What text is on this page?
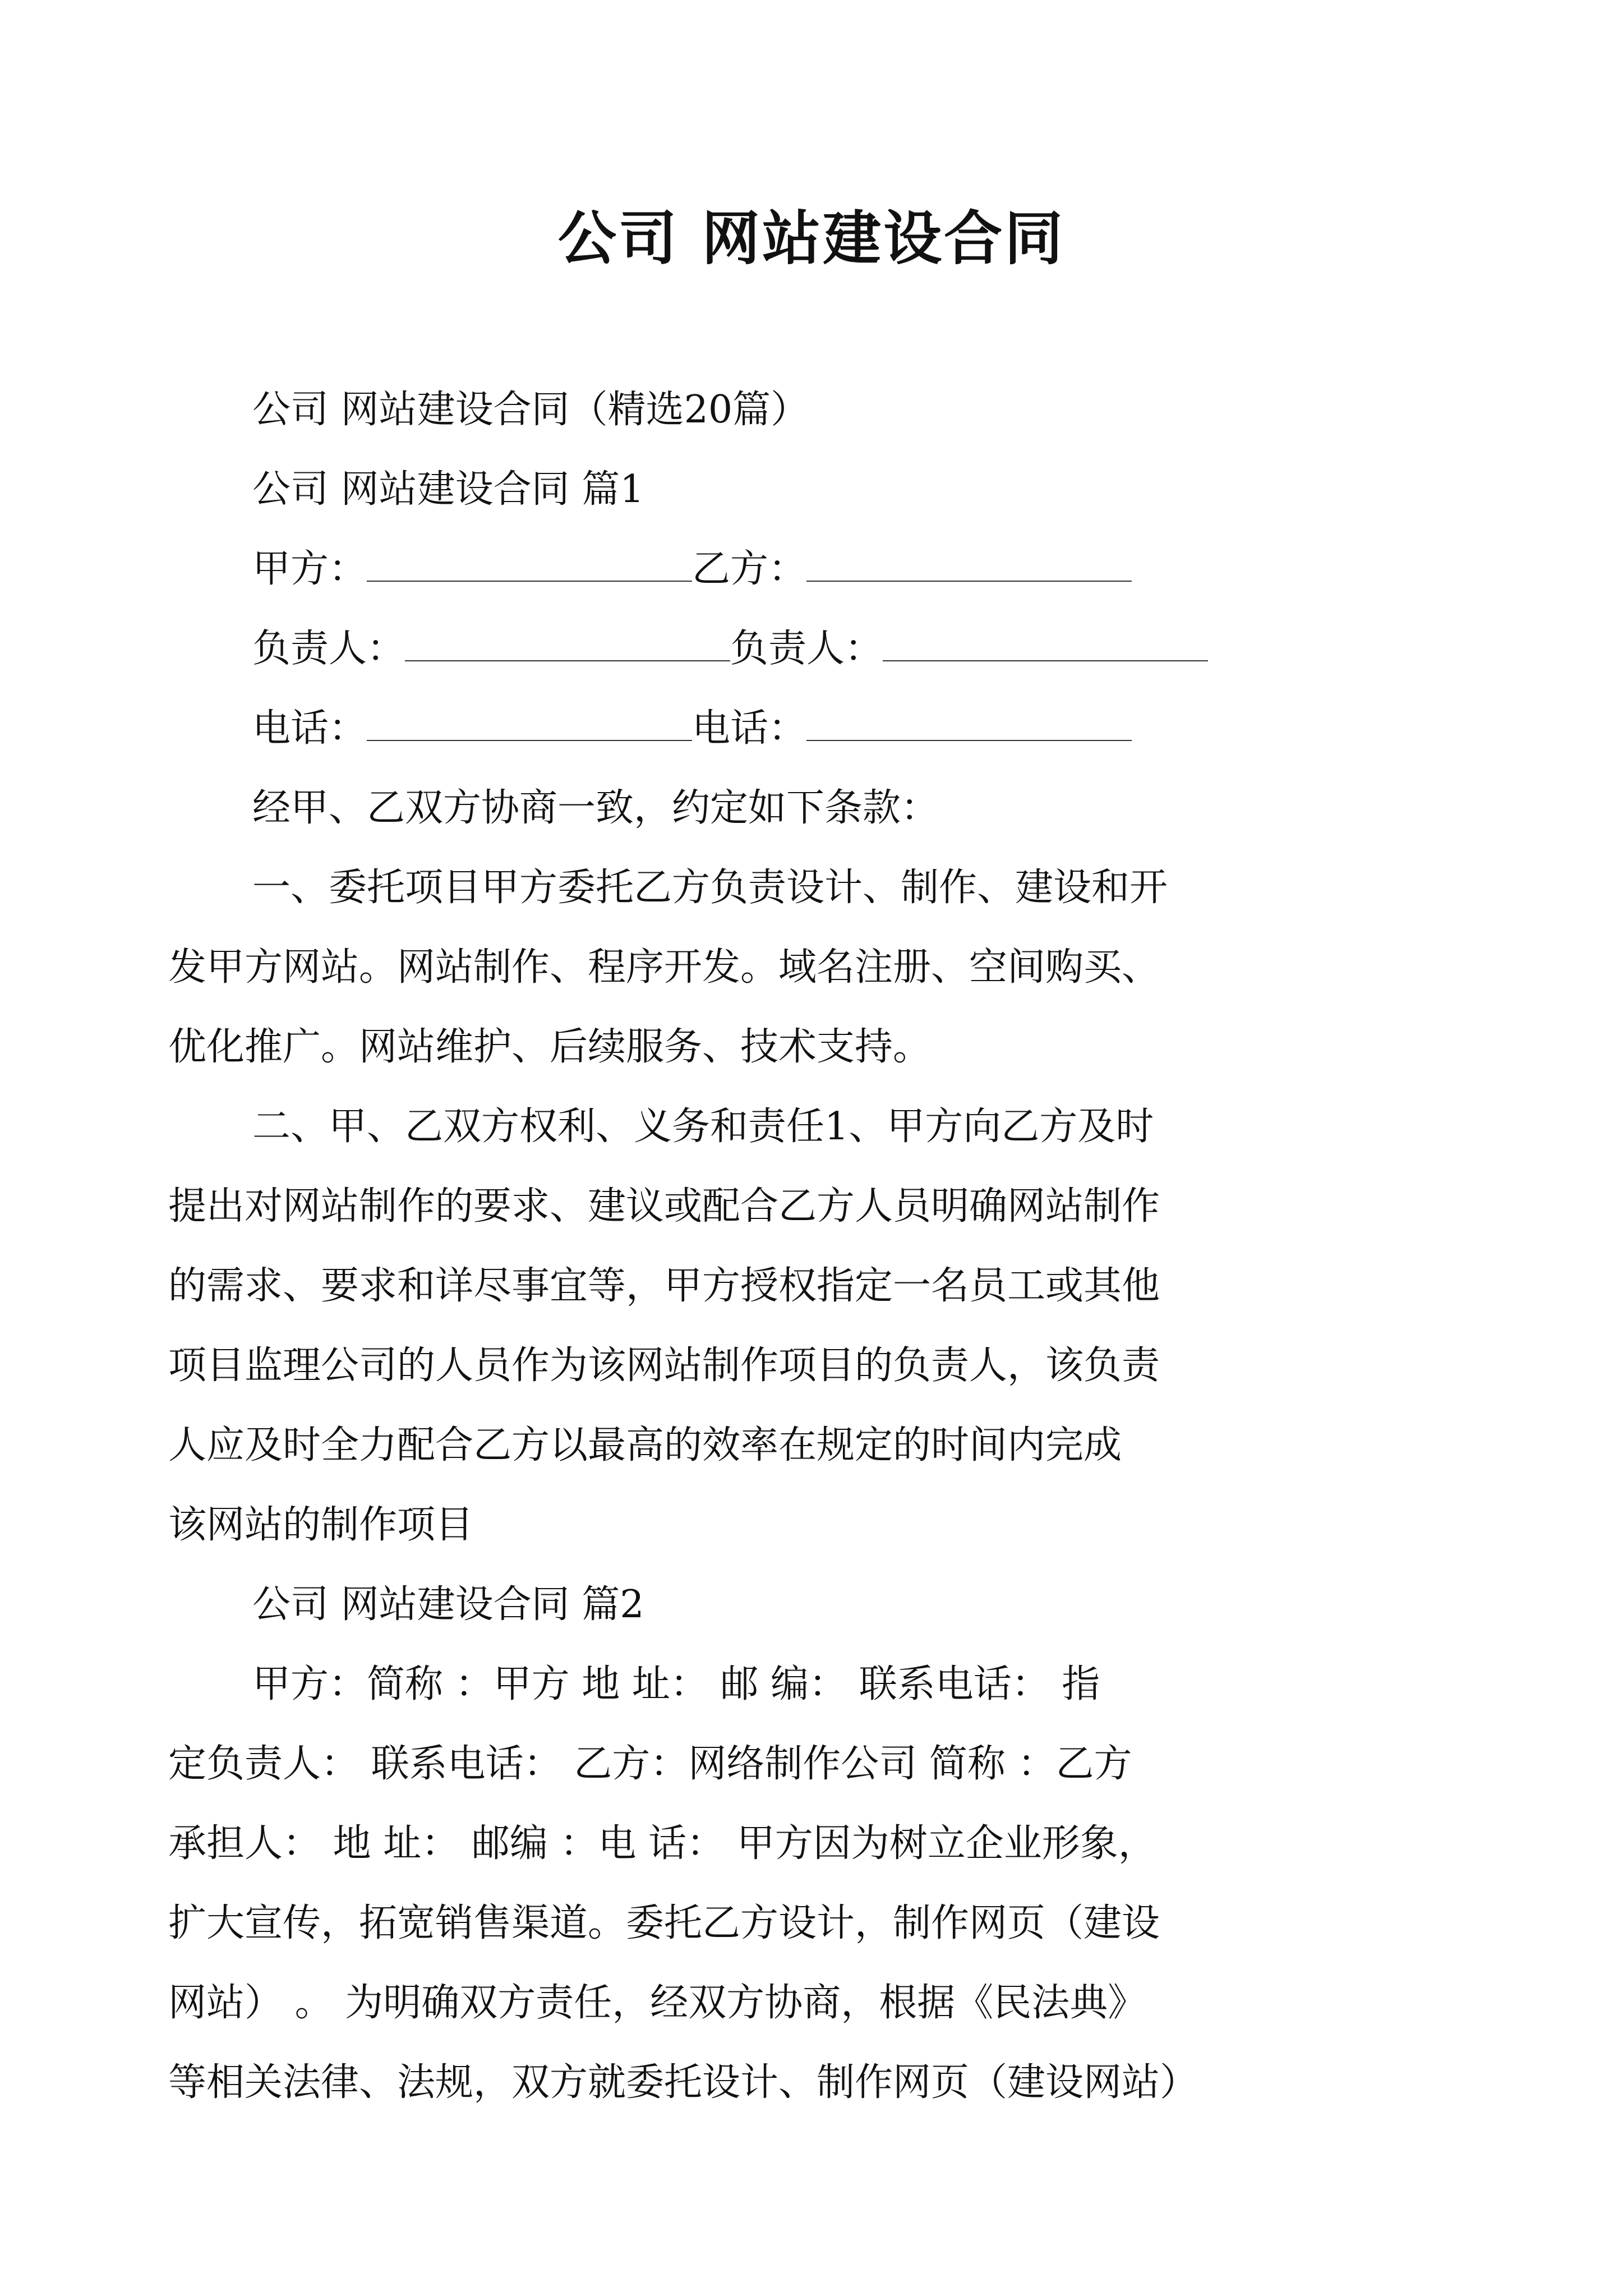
公司 网站建设合同

公司 网站建设合同（精选20篇）

公司 网站建设合同 篇1

甲方：	乙方：

负责人：	负责人：

电话：	电话：

经甲、乙双方协商一致，约定如下条款：

一、委托项目甲方委托乙方负责设计、制作、建设和开

发甲方网站。网站制作、程序开发。域名注册、空间购买、

优化推广。网站维护、后续服务、技术支持。

二、甲、乙双方权利、义务和责任1、甲方向乙方及时

提出对网站制作的要求、建议或配合乙方人员明确网站制作

的需求、要求和详尽事宜等，甲方授权指定一名员工或其他

项目监理公司的人员作为该网站制作项目的负责人，该负责

人应及时全力配合乙方以最高的效率在规定的时间内完成

该网站的制作项目

公司 网站建设合同 篇2

甲方：简称 ：甲方 地 址： 邮 编： 联系电话： 指

定负责人： 联系电话： 乙方：网络制作公司 简称 ：乙方

承担人： 地 址： 邮编 ：电 话： 甲方因为树立企业形象，

扩大宣传，拓宽销售渠道。委托乙方设计，制作网页（建设

网站） 。 为明确双方责任，经双方协商，根据《民法典》

等相关法律、法规，双方就委托设计、制作网页（建设网站）
